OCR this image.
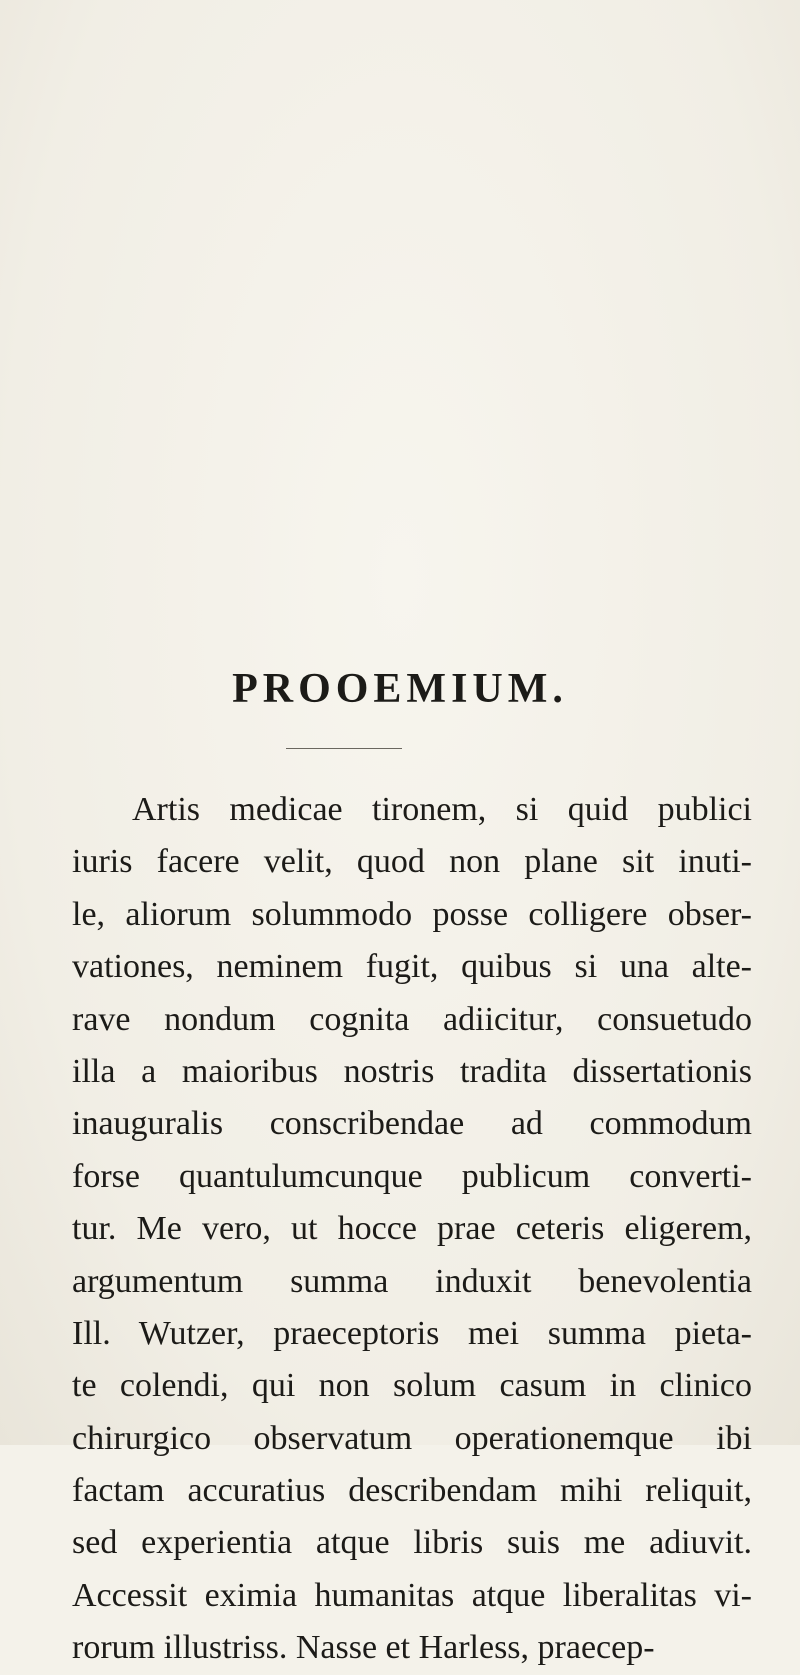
PROOEMIUM.
Artis medicae tironem, si quid publici
iuris facere velit, quod non plane sit inuti-
le, aliorum solummodo posse colligere obser-
vationes, neminem fugit, quibus si una alte-
rave nondum cognita adiicitur, consuetudo
illa a maioribus nostris tradita dissertationis
inauguralis conscribendae ad commodum
forse quantulumcunque publicum converti-
tur. Me vero, ut hocce prae ceteris eligerem,
argumentum summa induxit benevolentia
Ill. Wutzer, praeceptoris mei summa pieta-
te colendi, qui non solum casum in clinico
chirurgico observatum operationemque ibi
factam accuratius describendam mihi reliquit,
sed experientia atque libris suis me adiuvit.
Accessit eximia humanitas atque liberalitas vi-
rorum illustriss. Nasse et Harless, praecep-
